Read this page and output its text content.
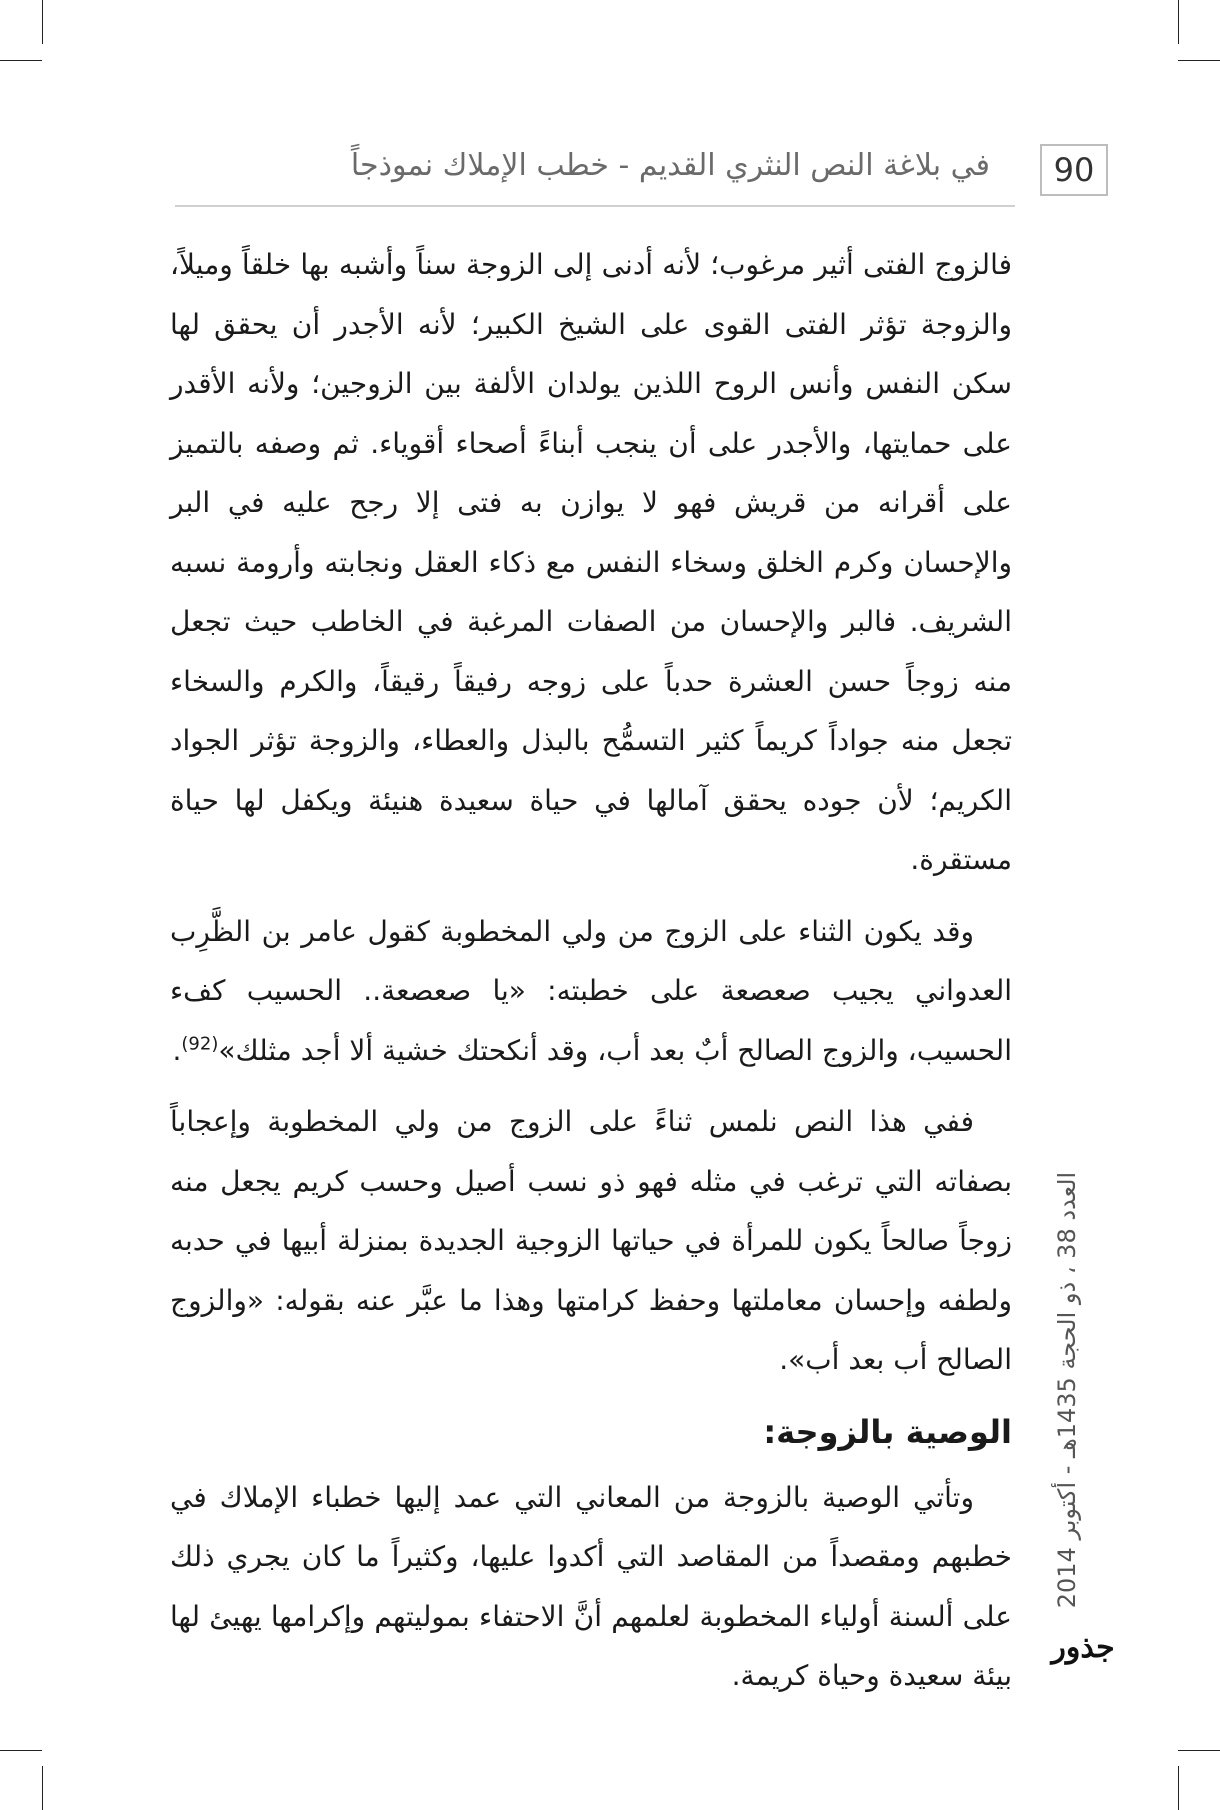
90
في بلاغة النص النثري القديم - خطب الإملاك نموذجاً
العدد 38 ، ذو الحجة 1435هـ - أكتوبر 2014
جذور

فالزوج الفتى أثير مرغوب؛ لأنه أدنى إلى الزوجة سناً وأشبه بها خلقاً وميلاً، والزوجة تؤثر الفتى القوى على الشيخ الكبير؛ لأنه الأجدر أن يحقق لها سكن النفس وأنس الروح اللذين يولدان الألفة بين الزوجين؛ ولأنه الأقدر على حمايتها، والأجدر على أن ينجب أبناءً أصحاء أقوياء. ثم وصفه بالتميز على أقرانه من قريش فهو لا يوازن به فتى إلا رجح عليه في البر والإحسان وكرم الخلق وسخاء النفس مع ذكاء العقل ونجابته وأرومة نسبه الشريف. فالبر والإحسان من الصفات المرغبة في الخاطب حيث تجعل منه زوجاً حسن العشرة حدباً على زوجه رفيقاً رقيقاً، والكرم والسخاء تجعل منه جواداً كريماً كثير التسمُّح بالبذل والعطاء، والزوجة تؤثر الجواد الكريم؛ لأن جوده يحقق آمالها في حياة سعيدة هنيئة ويكفل لها حياة مستقرة.

وقد يكون الثناء على الزوج من ولي المخطوبة كقول عامر بن الظَّرِب العدواني يجيب صعصعة على خطبته: «يا صعصعة.. الحسيب كفء الحسيب، والزوج الصالح أبٌ بعد أب، وقد أنكحتك خشية ألا أجد مثلك»$^{(92)}$.

ففي هذا النص نلمس ثناءً على الزوج من ولي المخطوبة وإعجاباً بصفاته التي ترغب في مثله فهو ذو نسب أصيل وحسب كريم يجعل منه زوجاً صالحاً يكون للمرأة في حياتها الزوجية الجديدة بمنزلة أبيها في حدبه ولطفه وإحسان معاملتها وحفظ كرامتها وهذا ما عبَّر عنه بقوله: «والزوج الصالح أب بعد أب».

الوصية بالزوجة:

وتأتي الوصية بالزوجة من المعاني التي عمد إليها خطباء الإملاك في خطبهم ومقصداً من المقاصد التي أكدوا عليها، وكثيراً ما كان يجري ذلك على ألسنة أولياء المخطوبة لعلمهم أنَّ الاحتفاء بموليتهم وإكرامها يهيئ لها بيئة سعيدة وحياة كريمة.
